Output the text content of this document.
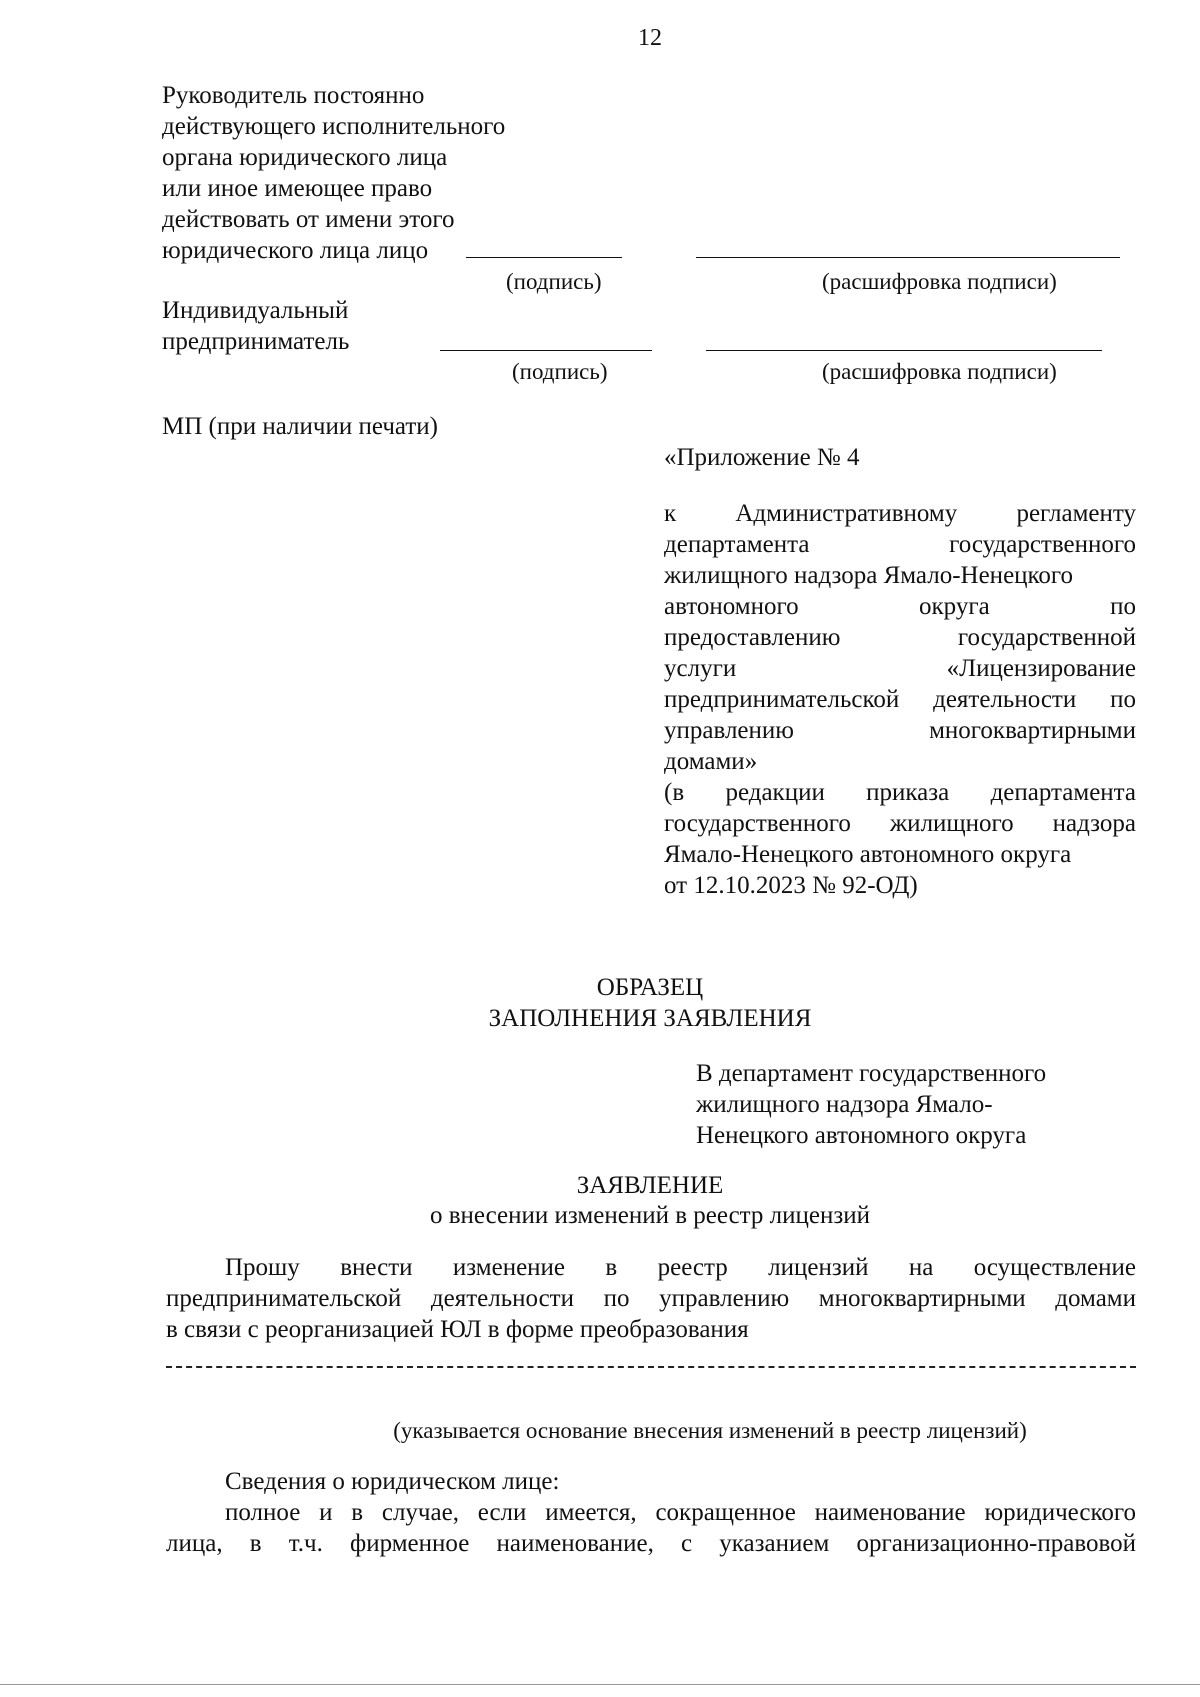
12
Руководитель постоянно
действующего исполнительного
органа юридического лица
или иное имеющее право
действовать от имени этого
юридического лица лицо
(подпись)	(расшифровка подписи)
Индивидуальный
предприниматель
(подпись)	(расшифровка подписи)
МП (при наличии печати)
«Приложение № 4
к Административному регламенту
департамента государственного
жилищного надзора Ямало-Ненецкого
автономного округа по
предоставлению государственной
услуги «Лицензирование
предпринимательской деятельности по
управлению многоквартирными
домами»
(в редакции приказа департамента
государственного жилищного надзора
Ямало-Ненецкого автономного округа
от 12.10.2023 № 92-ОД)
ОБРАЗЕЦ
ЗАПОЛНЕНИЯ ЗАЯВЛЕНИЯ
В департамент государственного
жилищного надзора Ямало-
Ненецкого автономного округа
ЗАЯВЛЕНИЕ
о внесении изменений в реестр лицензий
Прошу внести изменение в реестр лицензий на осуществление
предпринимательской деятельности по управлению многоквартирными домами
в связи с реорганизацией ЮЛ в форме преобразования
(указывается основание внесения изменений в реестр лицензий)
Сведения о юридическом лице:
полное и в случае, если имеется, сокращенное наименование юридического
лица, в т.ч. фирменное наименование, с указанием организационно-правовой
